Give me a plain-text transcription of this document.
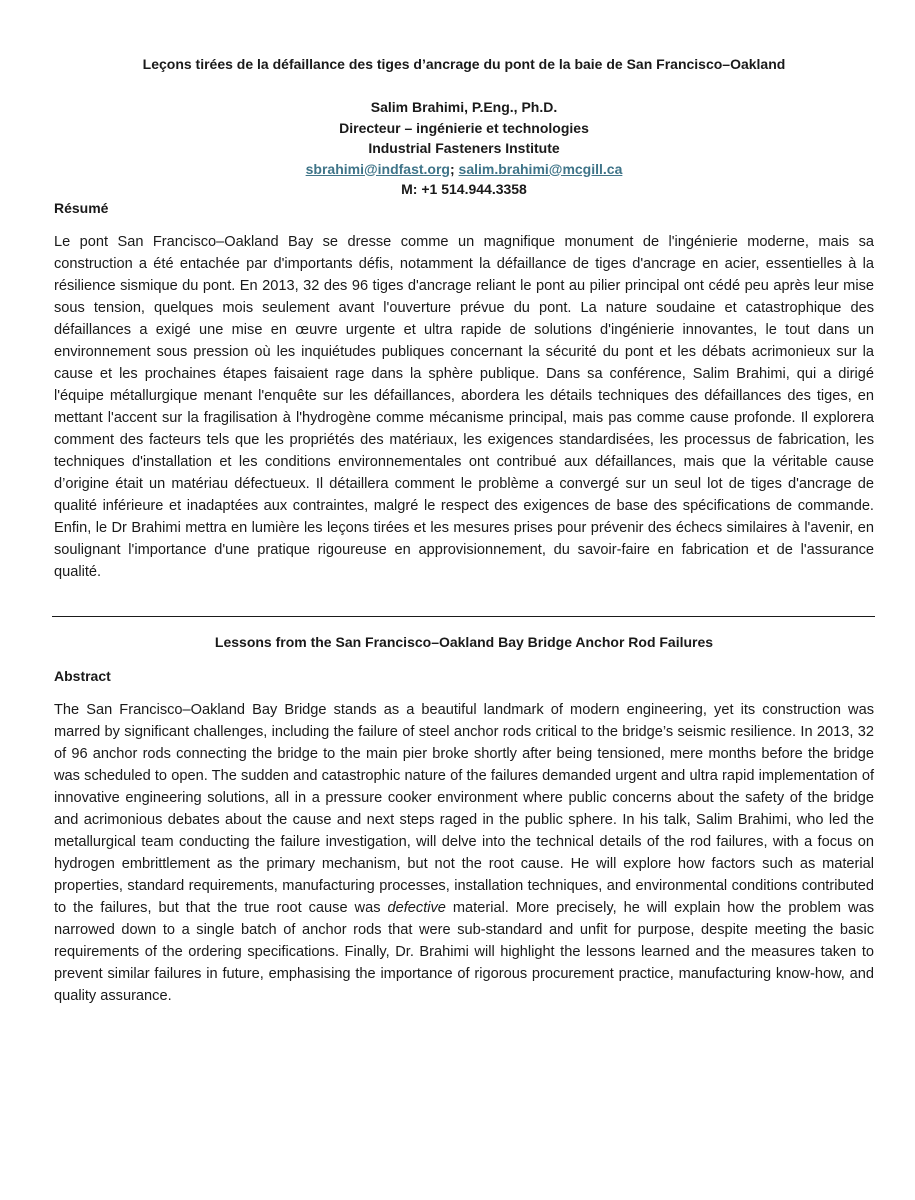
Leçons tirées de la défaillance des tiges d’ancrage du pont de la baie de San Francisco–Oakland
Salim Brahimi, P.Eng., Ph.D.
Directeur – ingénierie et technologies
Industrial Fasteners Institute
sbrahimi@indfast.org; salim.brahimi@mcgill.ca
M: +1 514.944.3358
Résumé
Le pont San Francisco–Oakland Bay se dresse comme un magnifique monument de l'ingénierie moderne, mais sa construction a été entachée par d'importants défis, notamment la défaillance de tiges d'ancrage en acier, essentielles à la résilience sismique du pont. En 2013, 32 des 96 tiges d'ancrage reliant le pont au pilier principal ont cédé peu après leur mise sous tension, quelques mois seulement avant l'ouverture prévue du pont. La nature soudaine et catastrophique des défaillances a exigé une mise en œuvre urgente et ultra rapide de solutions d'ingénierie innovantes, le tout dans un environnement sous pression où les inquiétudes publiques concernant la sécurité du pont et les débats acrimonieux sur la cause et les prochaines étapes faisaient rage dans la sphère publique. Dans sa conférence, Salim Brahimi, qui a dirigé l'équipe métallurgique menant l'enquête sur les défaillances, abordera les détails techniques des défaillances des tiges, en mettant l'accent sur la fragilisation à l'hydrogène comme mécanisme principal, mais pas comme cause profonde. Il explorera comment des facteurs tels que les propriétés des matériaux, les exigences standardisées, les processus de fabrication, les techniques d'installation et les conditions environnementales ont contribué aux défaillances, mais que la véritable cause d’origine était un matériau défectueux. Il détaillera comment le problème a convergé sur un seul lot de tiges d'ancrage de qualité inférieure et inadaptées aux contraintes, malgré le respect des exigences de base des spécifications de commande. Enfin, le Dr Brahimi mettra en lumière les leçons tirées et les mesures prises pour prévenir des échecs similaires à l'avenir, en soulignant l'importance d'une pratique rigoureuse en approvisionnement, du savoir-faire en fabrication et de l'assurance qualité.
Lessons from the San Francisco–Oakland Bay Bridge Anchor Rod Failures
Abstract
The San Francisco–Oakland Bay Bridge stands as a beautiful landmark of modern engineering, yet its construction was marred by significant challenges, including the failure of steel anchor rods critical to the bridge’s seismic resilience. In 2013, 32 of 96 anchor rods connecting the bridge to the main pier broke shortly after being tensioned, mere months before the bridge was scheduled to open. The sudden and catastrophic nature of the failures demanded urgent and ultra rapid implementation of innovative engineering solutions, all in a pressure cooker environment where public concerns about the safety of the bridge and acrimonious debates about the cause and next steps raged in the public sphere. In his talk, Salim Brahimi, who led the metallurgical team conducting the failure investigation, will delve into the technical details of the rod failures, with a focus on hydrogen embrittlement as the primary mechanism, but not the root cause. He will explore how factors such as material properties, standard requirements, manufacturing processes, installation techniques, and environmental conditions contributed to the failures, but that the true root cause was defective material. More precisely, he will explain how the problem was narrowed down to a single batch of anchor rods that were sub-standard and unfit for purpose, despite meeting the basic requirements of the ordering specifications. Finally, Dr. Brahimi will highlight the lessons learned and the measures taken to prevent similar failures in future, emphasising the importance of rigorous procurement practice, manufacturing know-how, and quality assurance.
